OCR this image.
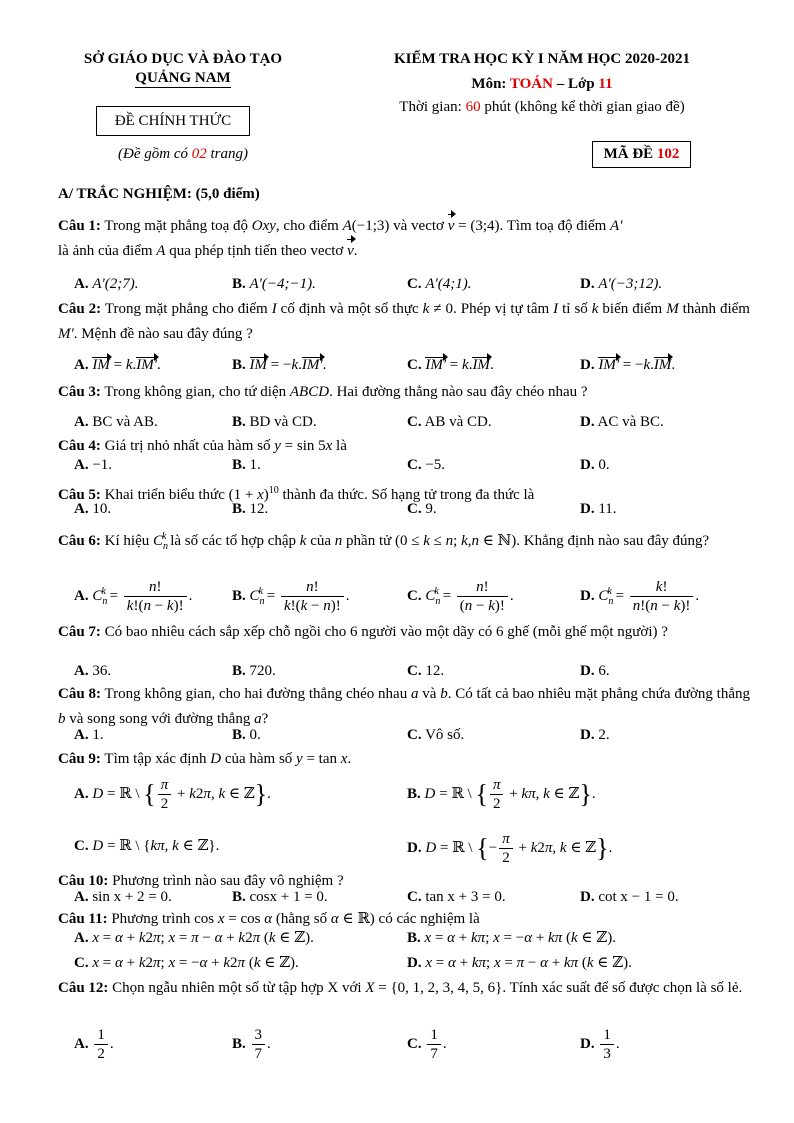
SỞ GIÁO DỤC VÀ ĐÀO TẠO
QUẢNG NAM
ĐỀ CHÍNH THỨC
(Đề gồm có 02 trang)
KIỂM TRA HỌC KỲ I NĂM HỌC 2020-2021
Môn: TOÁN – Lớp 11
Thời gian: 60 phút (không kể thời gian giao đề)
MÃ ĐỀ 102
A/ TRẮC NGHIỆM: (5,0 điểm)
Câu 1: Trong mặt phẳng toạ độ Oxy, cho điểm A(−1;3) và vectơ v = (3;4). Tìm toạ độ điểm A'
là ảnh của điểm A qua phép tịnh tiến theo vectơ v.
A. A'(2;7).	B. A'(−4;−1).	C. A'(4;1).	D. A'(−3;12).
Câu 2: Trong mặt phẳng cho điểm I cố định và một số thực k ≠ 0. Phép vị tự tâm I tỉ số k biến điểm M thành điểm M'. Mệnh đề nào sau đây đúng ?
A. IM = k.IM'.	B. IM = −k.IM'.	C. IM' = k.IM.	D. IM' = −k.IM.
Câu 3: Trong không gian, cho tứ diện ABCD. Hai đường thẳng nào sau đây chéo nhau ?
A. BC và AB.	B. BD và CD.	C. AB và CD.	D. AC và BC.
Câu 4: Giá trị nhỏ nhất của hàm số y = sin 5x là
A. −1.	B. 1.	C. −5.	D. 0.
Câu 5: Khai triển biểu thức $(1 + x)^{10}$ thành đa thức. Số hạng tử trong đa thức là
A. 10.	B. 12.	C. 9.	D. 11.
Câu 6: Kí hiệu $C_n^k$ là số các tổ hợp chập k của n phần tử (0 ≤ k ≤ n; k,n ∈ ℕ). Khẳng định nào sau đây đúng?
A. $C_n^k = \frac{n!}{k!(n - k)!}$ .	B. $C_n^k = \frac{n!}{k!(k - n)!}$ .	C. $C_n^k = \frac{n!}{(n - k)!}$ .	D. $C_n^k = \frac{k!}{n!(n - k)!}$ .
Câu 7: Có bao nhiêu cách sắp xếp chỗ ngồi cho 6 người vào một dãy có 6 ghế (mỗi ghế một người) ?
A. 36.	B. 720.	C. 12.	D. 6.
Câu 8: Trong không gian, cho hai đường thẳng chéo nhau a và b. Có tất cả bao nhiêu mặt phẳng chứa đường thẳng b và song song với đường thẳng a?
A. 1.	B. 0.	C. Vô số.	D. 2.
Câu 9: Tìm tập xác định D của hàm số y = tan x.
A. D = ℝ \ { $\frac{\pi}{2} + k2\pi$, k ∈ ℤ}.	B. D = ℝ \ { $\frac{\pi}{2} + k\pi$, k ∈ ℤ}.
C. D = ℝ \ {kπ, k ∈ ℤ}.	D. D = ℝ \ {− $\frac{\pi}{2} + k2\pi$, k ∈ ℤ}.
Câu 10: Phương trình nào sau đây vô nghiệm ?
A. sin x + 2 = 0.	B. cosx + 1 = 0.	C. tan x + 3 = 0.	D. cot x − 1 = 0.
Câu 11: Phương trình cos x = cos α (hằng số α ∈ ℝ) có các nghiệm là
A. x = α + k2π; x = π − α + k2π (k ∈ ℤ).	B. x = α + kπ; x = −α + kπ (k ∈ ℤ).
C. x = α + k2π; x = −α + k2π (k ∈ ℤ).	D. x = α + kπ; x = π − α + kπ (k ∈ ℤ).
Câu 12: Chọn ngẫu nhiên một số từ tập hợp X với X = {0, 1, 2, 3, 4, 5, 6}. Tính xác suất để số được chọn là số lẻ.
A. $\frac{1}{2}$ .	B. $\frac{3}{7}$ .	C. $\frac{1}{7}$ .	D. $\frac{1}{3}$ .
